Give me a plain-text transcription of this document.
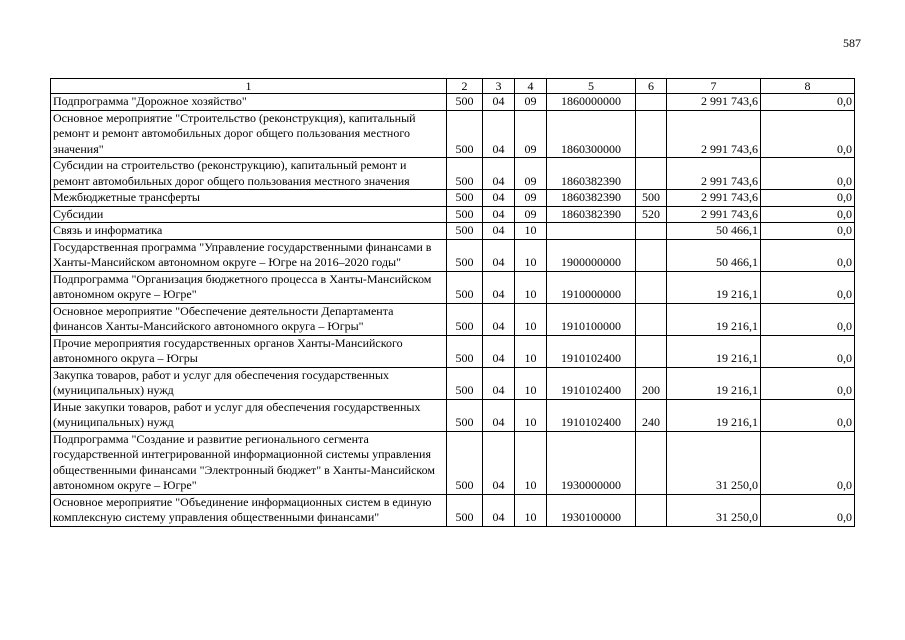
587
1	2	3	4	5	6	7	8
Подпрограмма "Дорожное хозяйство"	500	04	09	1860000000		2 991 743,6	0,0
Основное мероприятие "Строительство (реконструкция), капитальный ремонт и ремонт автомобильных дорог общего пользования местного значения"	500	04	09	1860300000		2 991 743,6	0,0
Субсидии на строительство (реконструкцию), капитальный ремонт и ремонт автомобильных дорог общего пользования местного значения	500	04	09	1860382390		2 991 743,6	0,0
Межбюджетные трансферты	500	04	09	1860382390	500	2 991 743,6	0,0
Субсидии	500	04	09	1860382390	520	2 991 743,6	0,0
Связь и информатика	500	04	10			50 466,1	0,0
Государственная программа "Управление государственными финансами в Ханты-Мансийском автономном округе – Югре на 2016–2020 годы"	500	04	10	1900000000		50 466,1	0,0
Подпрограмма "Организация бюджетного процесса в Ханты-Мансийском автономном округе – Югре"	500	04	10	1910000000		19 216,1	0,0
Основное мероприятие "Обеспечение деятельности Департамента финансов Ханты-Мансийского автономного округа – Югры"	500	04	10	1910100000		19 216,1	0,0
Прочие мероприятия государственных органов Ханты-Мансийского автономного округа – Югры	500	04	10	1910102400		19 216,1	0,0
Закупка товаров, работ и услуг для обеспечения государственных (муниципальных) нужд	500	04	10	1910102400	200	19 216,1	0,0
Иные закупки товаров, работ и услуг для обеспечения государственных (муниципальных) нужд	500	04	10	1910102400	240	19 216,1	0,0
Подпрограмма "Создание и развитие регионального сегмента государственной интегрированной информационной системы управления общественными финансами "Электронный бюджет" в Ханты-Мансийском автономном округе – Югре"	500	04	10	1930000000		31 250,0	0,0
Основное мероприятие "Объединение информационных систем в единую комплексную систему управления общественными финансами"	500	04	10	1930100000		31 250,0	0,0
